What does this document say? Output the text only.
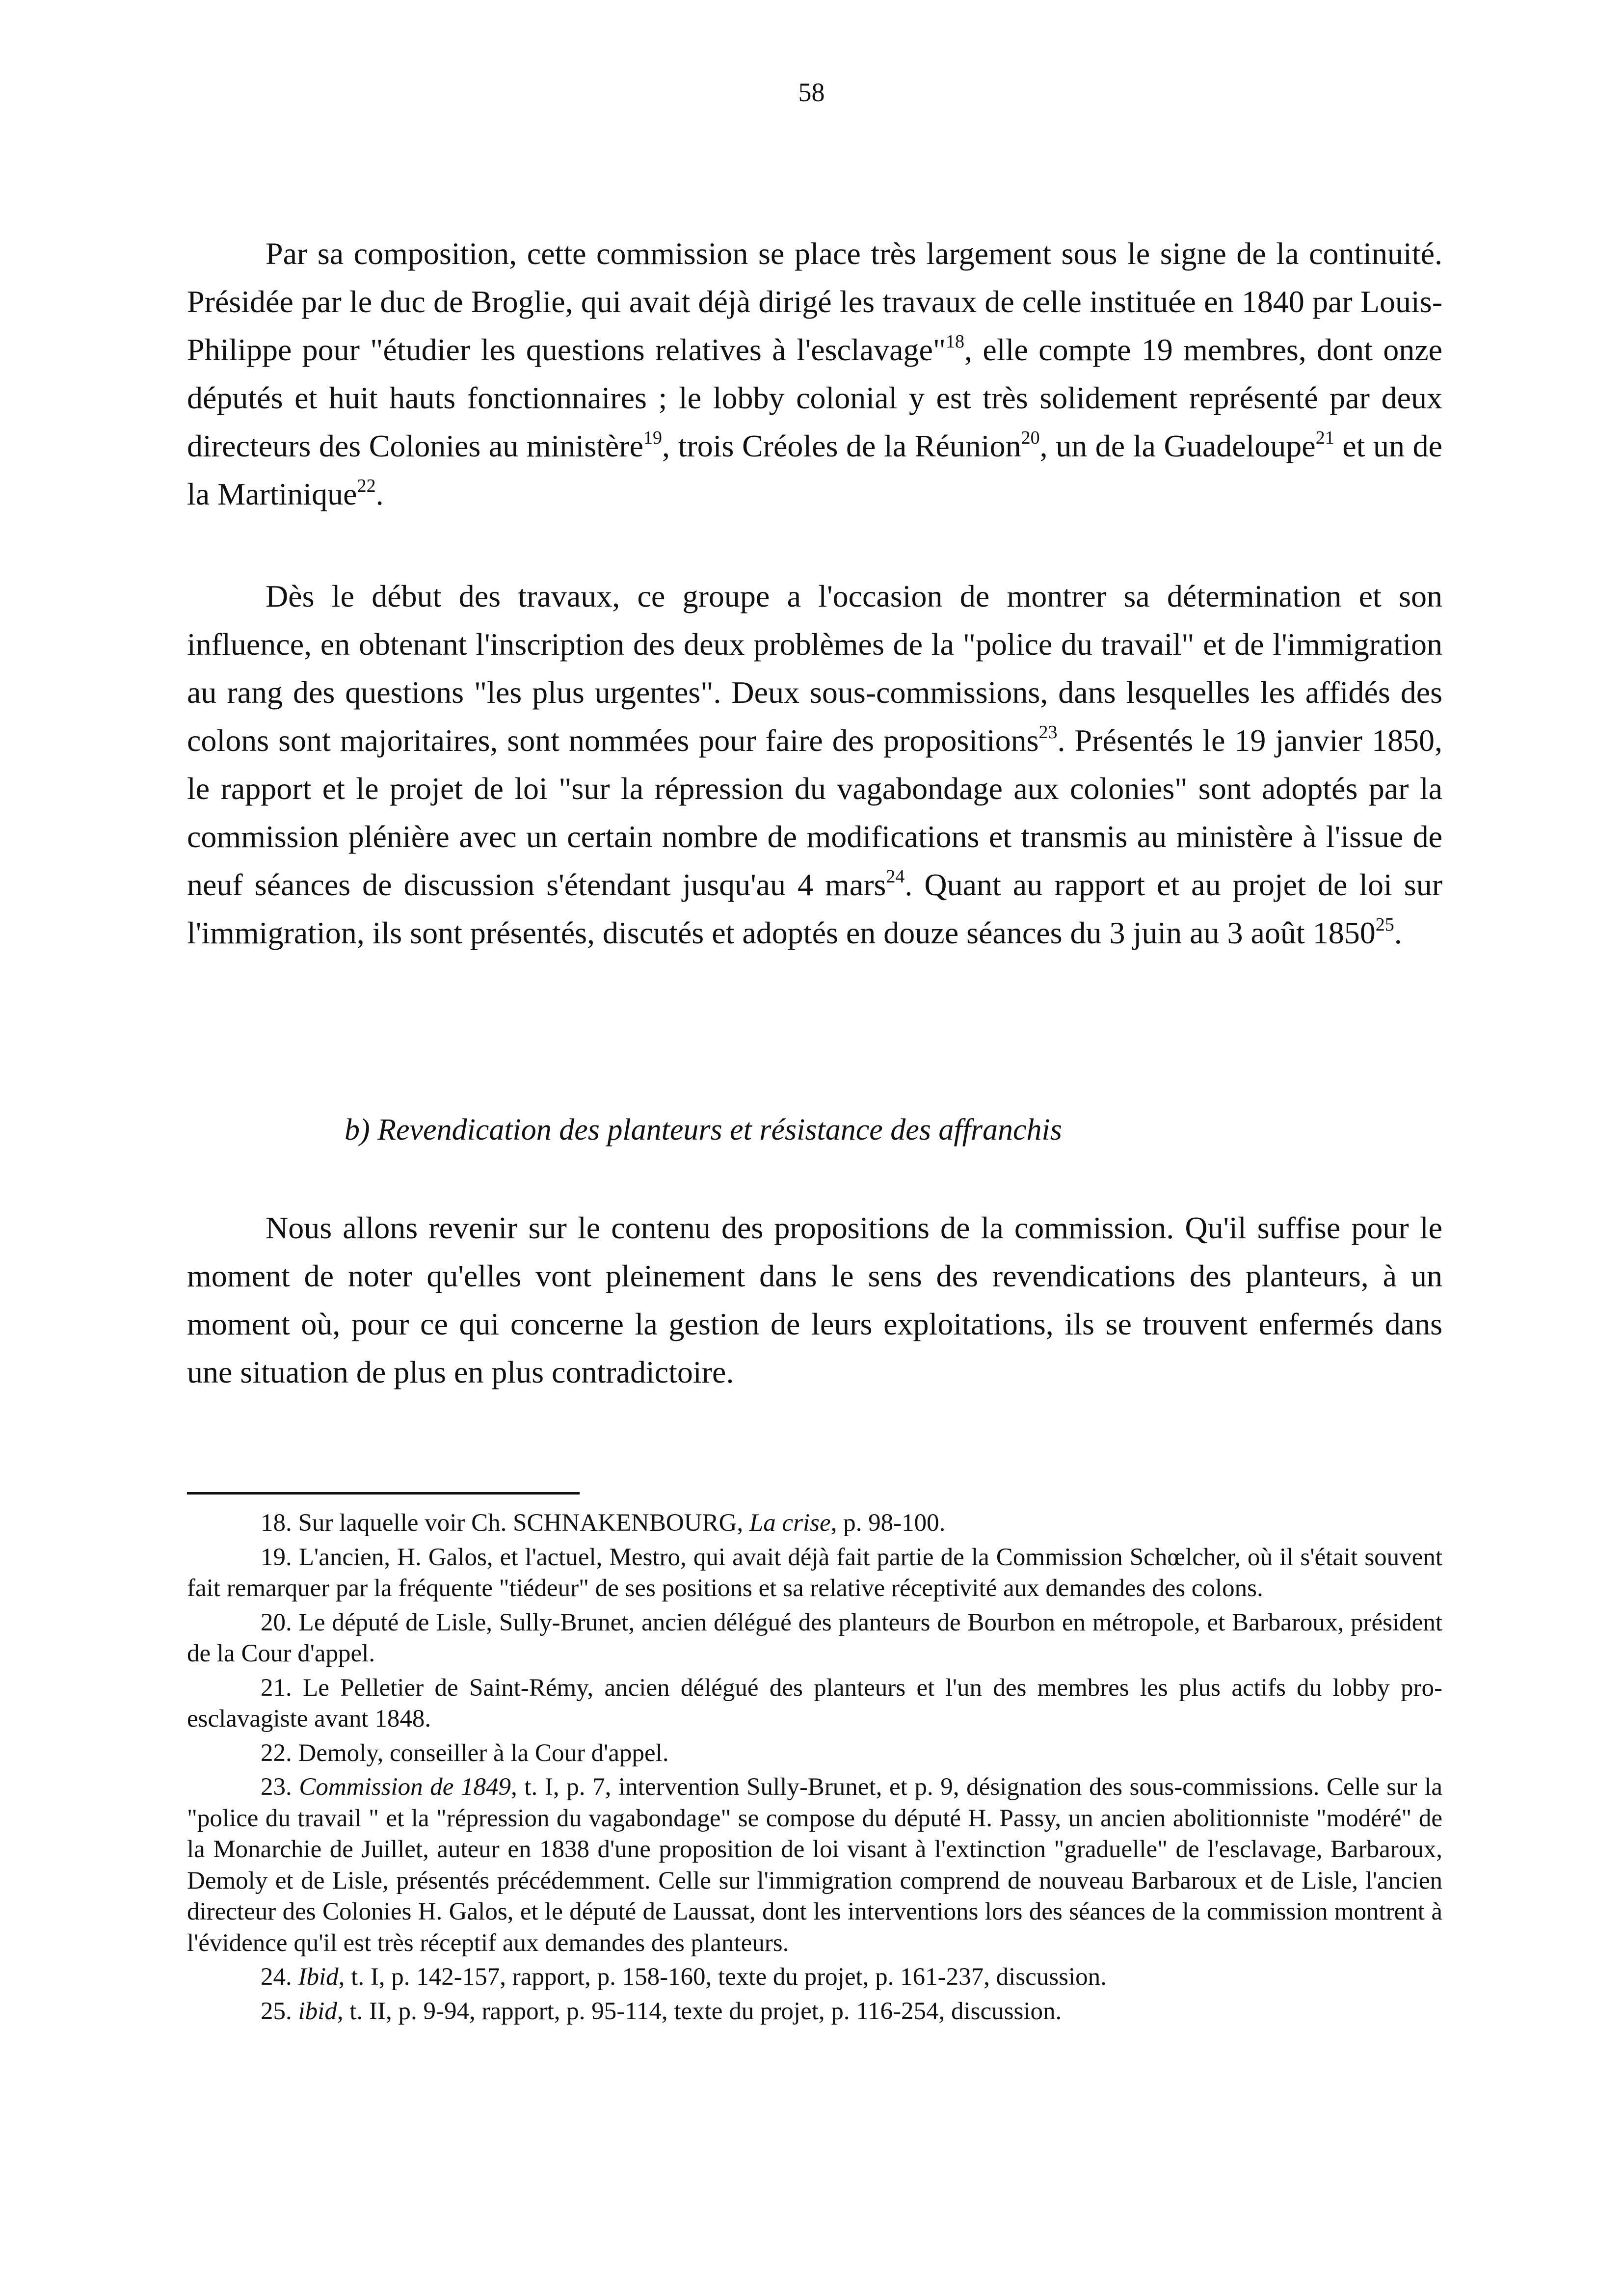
58

Par sa composition, cette commission se place très largement sous le signe de la continuité. Présidée par le duc de Broglie, qui avait déjà dirigé les travaux de celle instituée en 1840 par Louis-Philippe pour "étudier les questions relatives à l'esclavage"$^{18}$, elle compte 19 membres, dont onze députés et huit hauts fonctionnaires ; le lobby colonial y est très solidement représenté par deux directeurs des Colonies au ministère$^{19}$, trois Créoles de la Réunion$^{20}$, un de la Guadeloupe$^{21}$ et un de la Martinique$^{22}$.

Dès le début des travaux, ce groupe a l'occasion de montrer sa détermination et son influence, en obtenant l'inscription des deux problèmes de la "police du travail" et de l'immigration au rang des questions "les plus urgentes". Deux sous-commissions, dans lesquelles les affidés des colons sont majoritaires, sont nommées pour faire des propositions$^{23}$. Présentés le 19 janvier 1850, le rapport et le projet de loi "sur la répression du vagabondage aux colonies" sont adoptés par la commission plénière avec un certain nombre de modifications et transmis au ministère à l'issue de neuf séances de discussion s'étendant jusqu'au 4 mars$^{24}$. Quant au rapport et au projet de loi sur l'immigration, ils sont présentés, discutés et adoptés en douze séances du 3 juin au 3 août 1850$^{25}$.

b) Revendication des planteurs et résistance des affranchis

Nous allons revenir sur le contenu des propositions de la commission. Qu'il suffise pour le moment de noter qu'elles vont pleinement dans le sens des revendications des planteurs, à un moment où, pour ce qui concerne la gestion de leurs exploitations, ils se trouvent enfermés dans une situation de plus en plus contradictoire.

18. Sur laquelle voir Ch. SCHNAKENBOURG, La crise, p. 98-100.

19. L'ancien, H. Galos, et l'actuel, Mestro, qui avait déjà fait partie de la Commission Schœlcher, où il s'était souvent fait remarquer par la fréquente "tiédeur" de ses positions et sa relative réceptivité aux demandes des colons.

20. Le député de Lisle, Sully-Brunet, ancien délégué des planteurs de Bourbon en métropole, et Barbaroux, président de la Cour d'appel.

21. Le Pelletier de Saint-Rémy, ancien délégué des planteurs et l'un des membres les plus actifs du lobby pro-esclavagiste avant 1848.

22. Demoly, conseiller à la Cour d'appel.

23. Commission de 1849, t. I, p. 7, intervention Sully-Brunet, et p. 9, désignation des sous-commissions. Celle sur la "police du travail " et la "répression du vagabondage" se compose du député H. Passy, un ancien abolitionniste "modéré" de la Monarchie de Juillet, auteur en 1838 d'une proposition de loi visant à l'extinction "graduelle" de l'esclavage, Barbaroux, Demoly et de Lisle, présentés précédemment. Celle sur l'immigration comprend de nouveau Barbaroux et de Lisle, l'ancien directeur des Colonies H. Galos, et le député de Laussat, dont les interventions lors des séances de la commission montrent à l'évidence qu'il est très réceptif aux demandes des planteurs.

24. Ibid, t. I, p. 142-157, rapport, p. 158-160, texte du projet, p. 161-237, discussion.

25. ibid, t. II, p. 9-94, rapport, p. 95-114, texte du projet, p. 116-254, discussion.
